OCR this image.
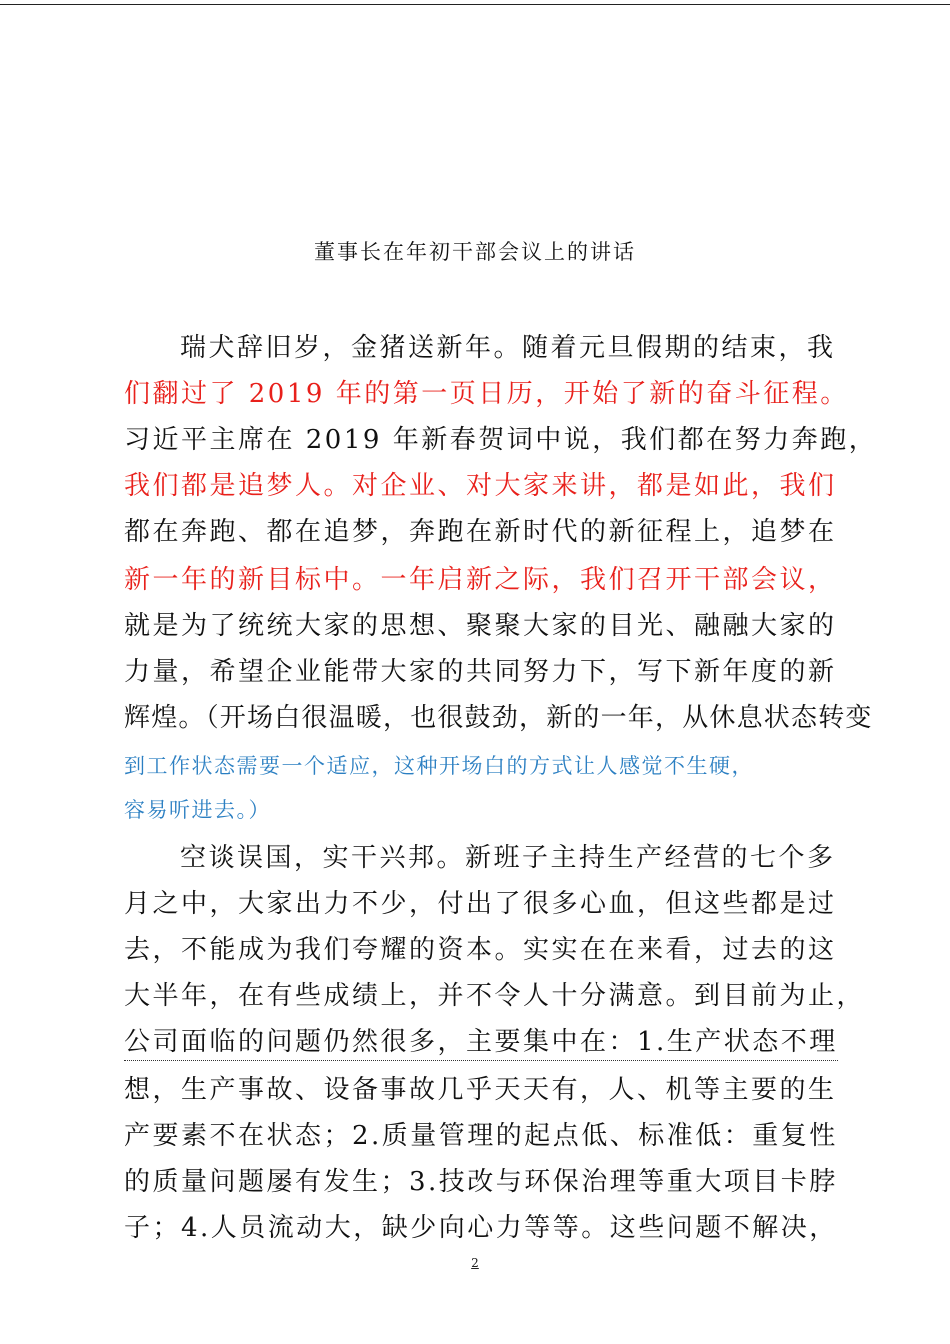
董事长在年初干部会议上的讲话
瑞犬辞旧岁，金猪送新年。随着元旦假期的结束，我
们翻过了 2019 年的第一页日历，开始了新的奋斗征程。
习近平主席在 2019 年新春贺词中说，我们都在努力奔跑，
我们都是追梦人。对企业、对大家来讲，都是如此，我们
都在奔跑、都在追梦，奔跑在新时代的新征程上，追梦在
新一年的新目标中。一年启新之际，我们召开干部会议，
就是为了统统大家的思想、聚聚大家的目光、融融大家的
力量，希望企业能带大家的共同努力下，写下新年度的新
辉煌。（开场白很温暖，也很鼓劲，新的一年，从休息状态转变
到工作状态需要一个适应，这种开场白的方式让人感觉不生硬，
容易听进去。）
空谈误国，实干兴邦。新班子主持生产经营的七个多
月之中，大家出力不少，付出了很多心血，但这些都是过
去，不能成为我们夸耀的资本。实实在在来看，过去的这
大半年，在有些成绩上，并不令人十分满意。到目前为止，
公司面临的问题仍然很多，主要集中在：1.生产状态不理
想，生产事故、设备事故几乎天天有，人、机等主要的生
产要素不在状态；2.质量管理的起点低、标准低：重复性
的质量问题屡有发生；3.技改与环保治理等重大项目卡脖
子；4.人员流动大，缺少向心力等等。这些问题不解决，
2
